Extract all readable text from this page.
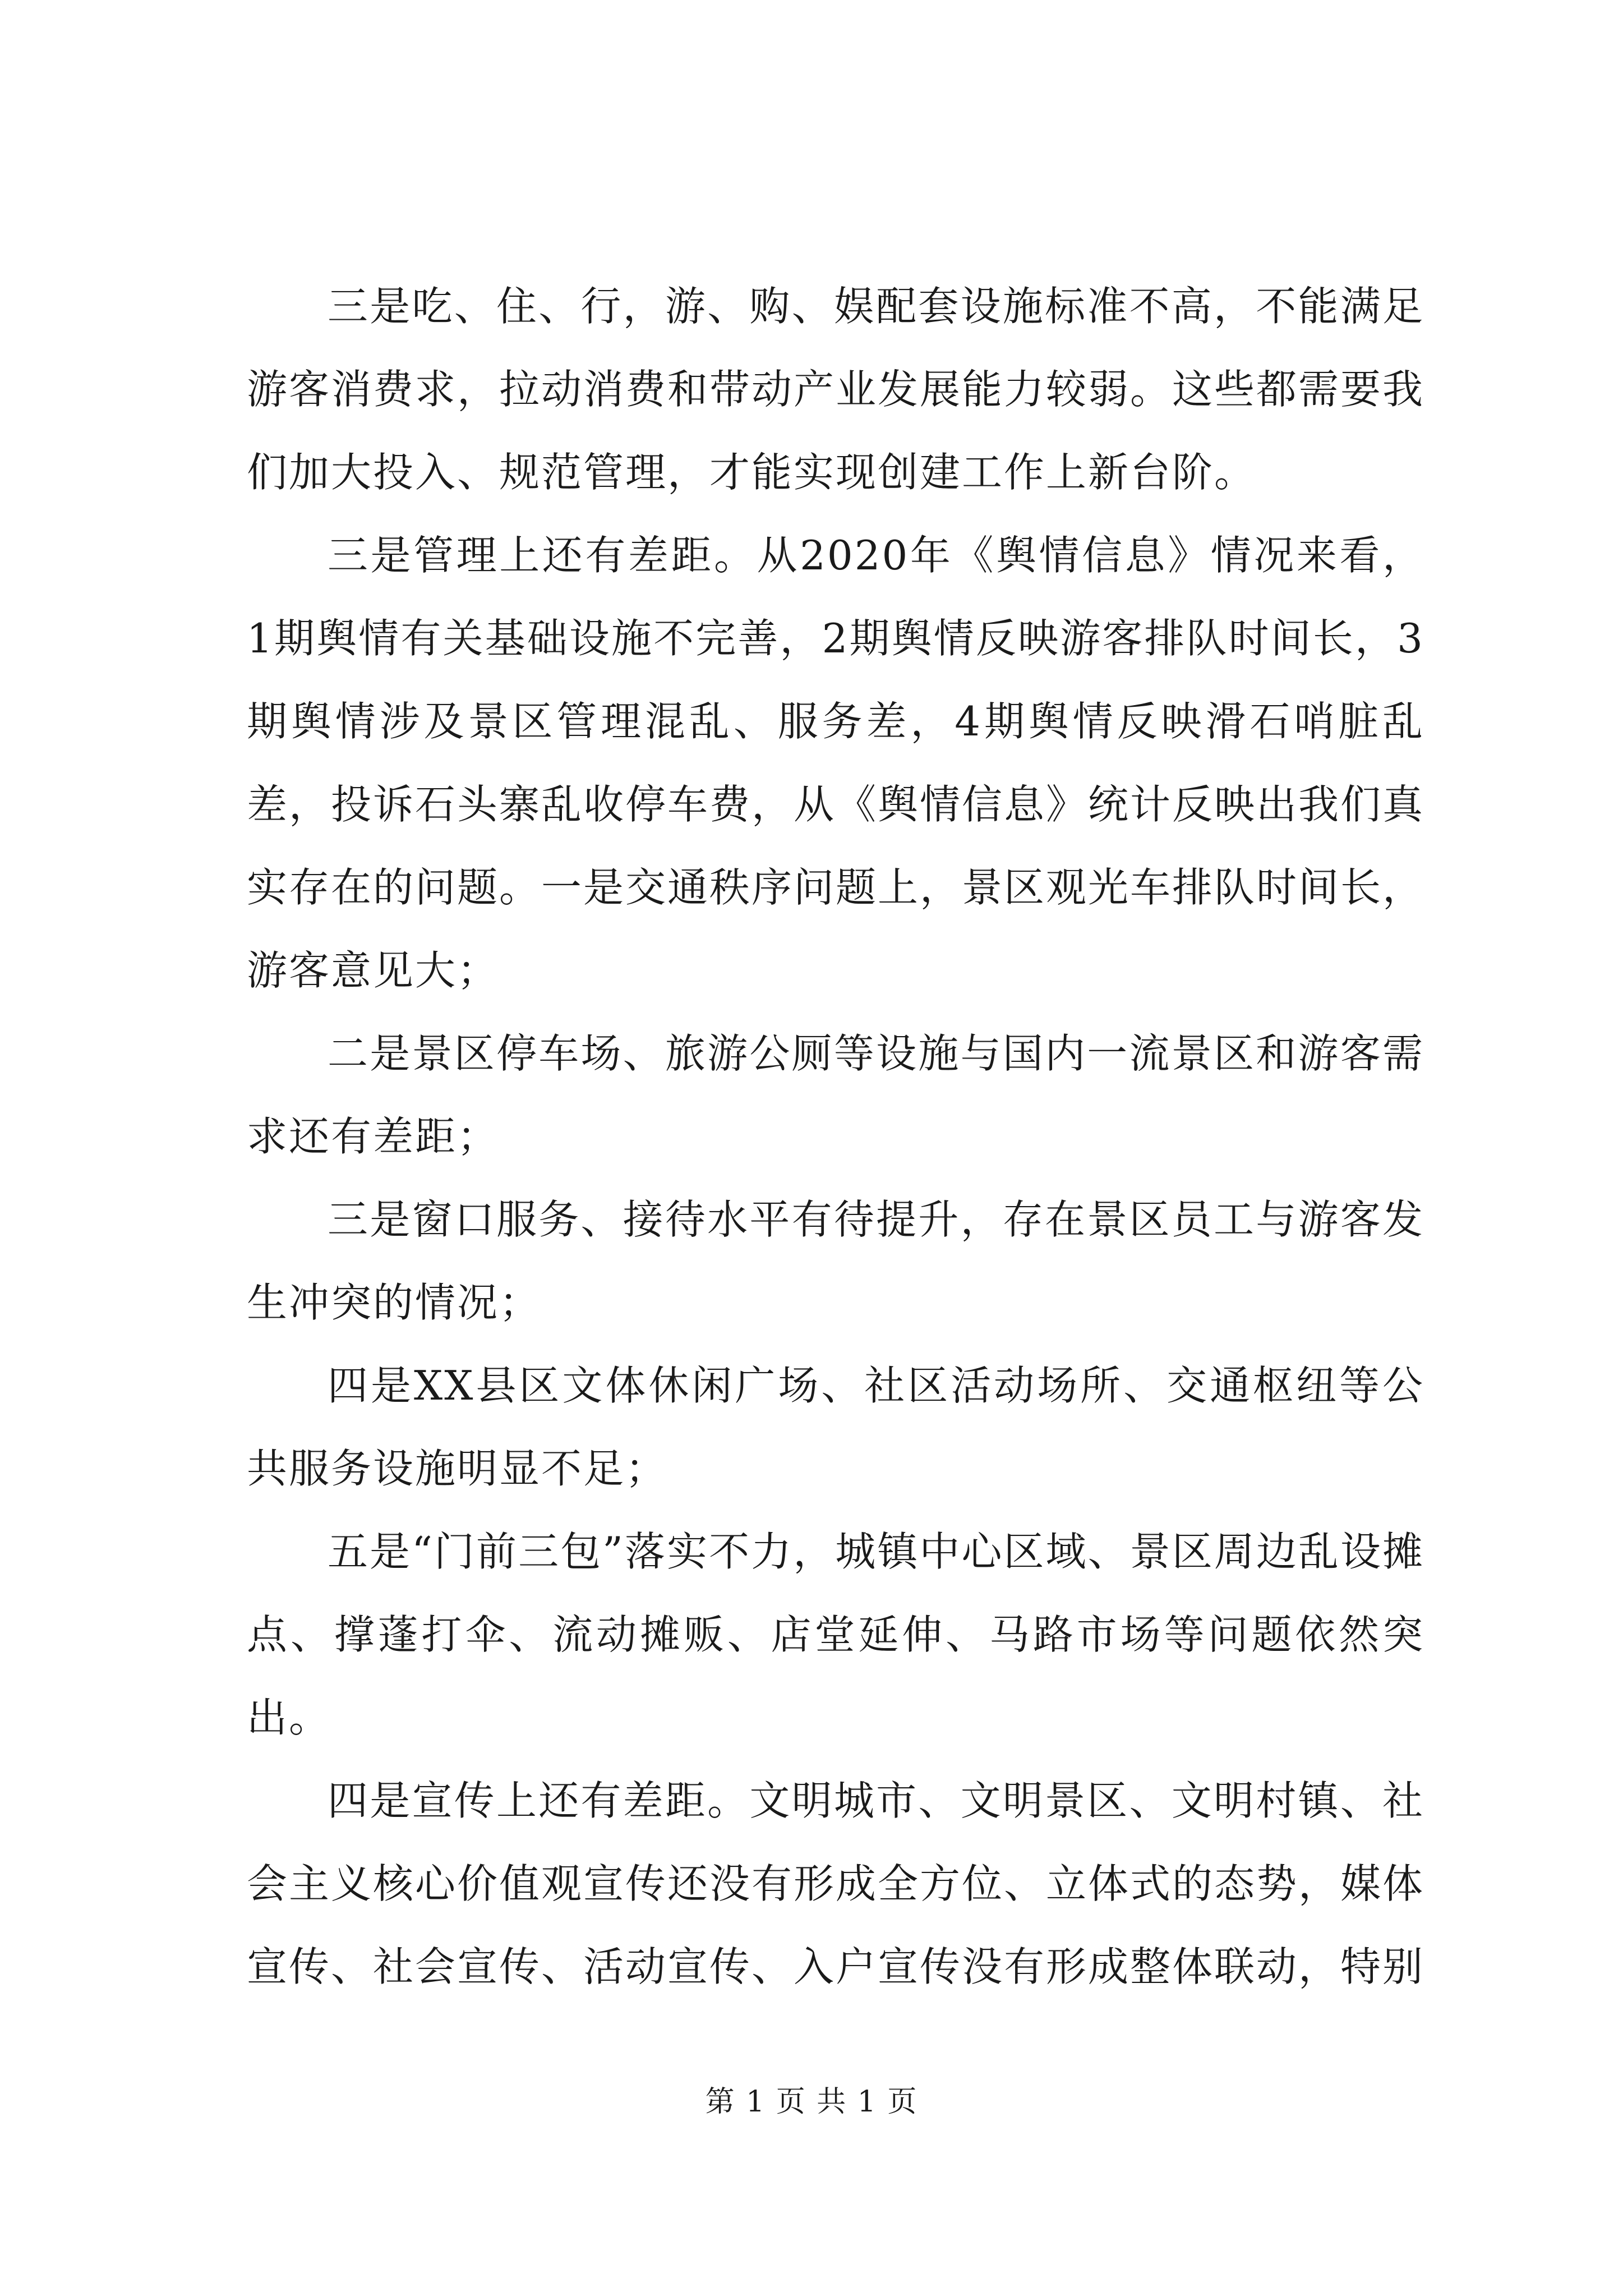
三是吃、住、行，游、购、娱配套设施标准不高，不能满足游客消费求，拉动消费和带动产业发展能力较弱。这些都需要我们加大投入、规范管理，才能实现创建工作上新台阶。

三是管理上还有差距。从2020年《舆情信息》情况来看，1期舆情有关基础设施不完善，2期舆情反映游客排队时间长，3期舆情涉及景区管理混乱、服务差，4期舆情反映滑石哨脏乱差，投诉石头寨乱收停车费，从《舆情信息》统计反映出我们真实存在的问题。一是交通秩序问题上，景区观光车排队时间长，游客意见大；

二是景区停车场、旅游公厕等设施与国内一流景区和游客需求还有差距；

三是窗口服务、接待水平有待提升，存在景区员工与游客发生冲突的情况；

四是XX县区文体休闲广场、社区活动场所、交通枢纽等公共服务设施明显不足；

五是“门前三包”落实不力，城镇中心区域、景区周边乱设摊点、撑蓬打伞、流动摊贩、店堂延伸、马路市场等问题依然突出。

四是宣传上还有差距。文明城市、文明景区、文明村镇、社会主义核心价值观宣传还没有形成全方位、立体式的态势，媒体宣传、社会宣传、活动宣传、入户宣传没有形成整体联动，特别

第 1 页 共 1 页
